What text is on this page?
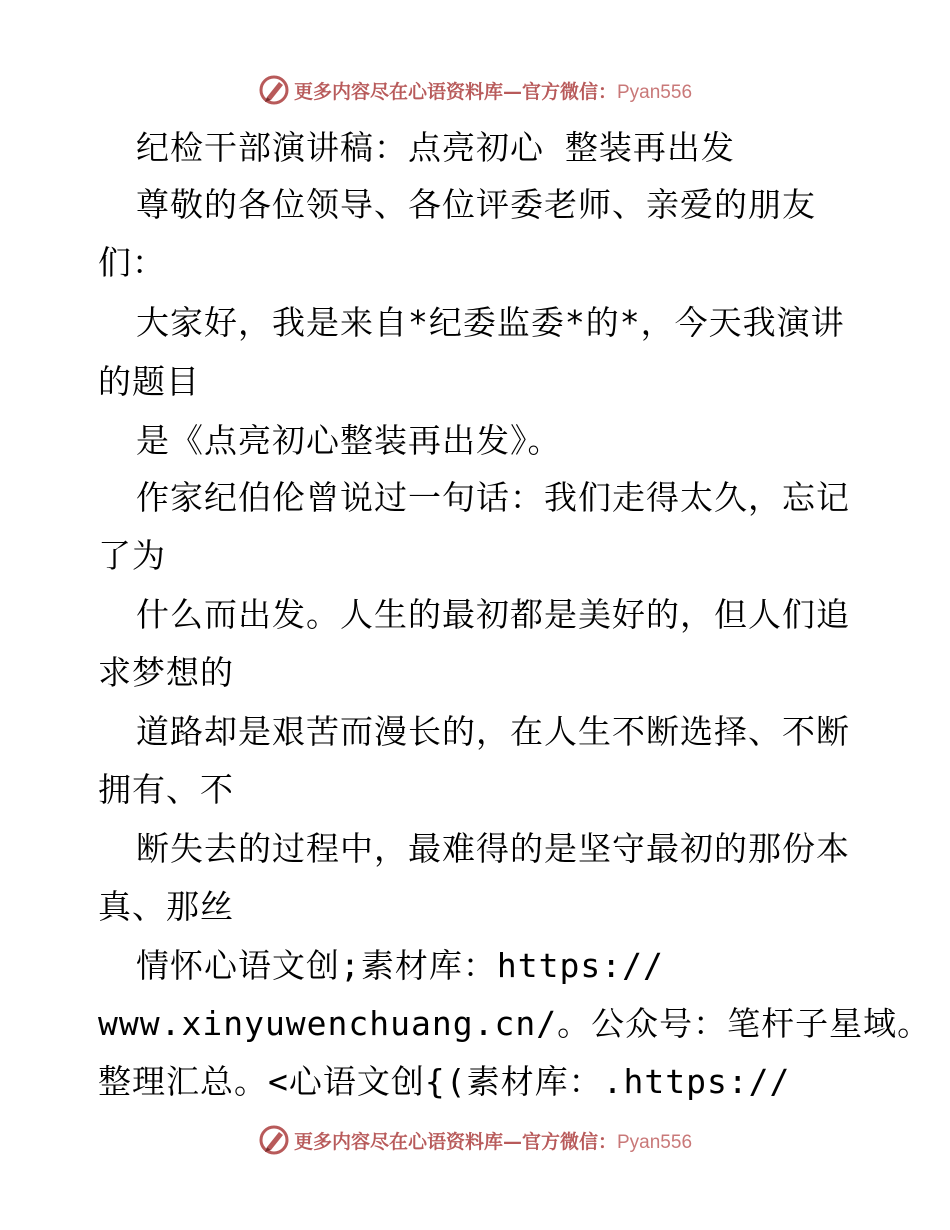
更多内容尽在心语资料库—官方微信：Pyan556
纪检干部演讲稿：点亮初心 整装再出发
尊敬的各位领导、各位评委老师、亲爱的朋友
们：
大家好，我是来自*纪委监委*的*，今天我演讲
的题目
是《点亮初心整装再出发》。
作家纪伯伦曾说过一句话：我们走得太久，忘记
了为
什么而出发。人生的最初都是美好的，但人们追
求梦想的
道路却是艰苦而漫长的，在人生不断选择、不断
拥有、不
断失去的过程中，最难得的是坚守最初的那份本
真、那丝
情怀心语文创;素材库：https://
www.xinyuwenchuang.cn/。公众号：笔杆子星域。
整理汇总。<心语文创{(素材库：.https://
更多内容尽在心语资料库—官方微信：Pyan556
